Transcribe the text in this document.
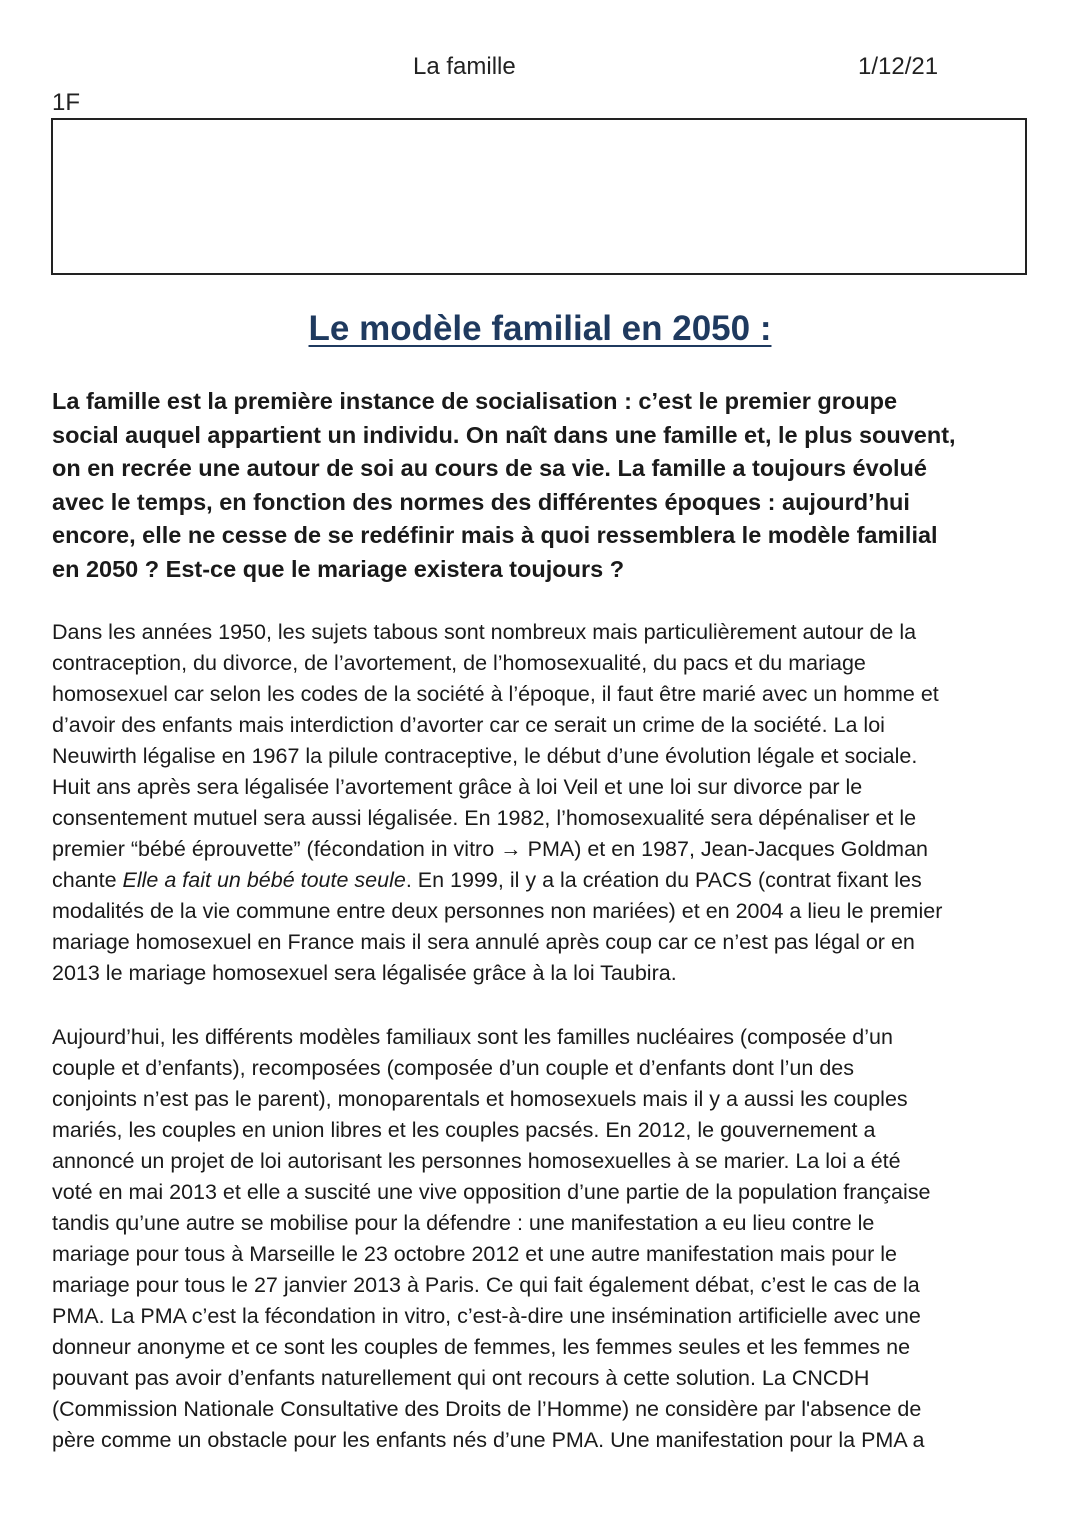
La famille	1/12/21
1F
Le modèle familial en 2050 :
La famille est la première instance de socialisation : c’est le premier groupe
social auquel appartient un individu. On naît dans une famille et, le plus souvent,
on en recrée une autour de soi au cours de sa vie. La famille a toujours évolué
avec le temps, en fonction des normes des différentes époques : aujourd’hui
encore, elle ne cesse de se redéfinir mais à quoi ressemblera le modèle familial
en 2050 ? Est-ce que le mariage existera toujours ?
Dans les années 1950, les sujets tabous sont nombreux mais particulièrement autour de la
contraception, du divorce, de l’avortement, de l’homosexualité, du pacs et du mariage
homosexuel car selon les codes de la société à l’époque, il faut être marié avec un homme et
d’avoir des enfants mais interdiction d’avorter car ce serait un crime de la société. La loi
Neuwirth légalise en 1967 la pilule contraceptive, le début d’une évolution légale et sociale.
Huit ans après sera légalisée l’avortement grâce à loi Veil et une loi sur divorce par le
consentement mutuel sera aussi légalisée. En 1982, l’homosexualité sera dépénaliser et le
premier “bébé éprouvette” (fécondation in vitro → PMA) et en 1987, Jean-Jacques Goldman
chante Elle a fait un bébé toute seule. En 1999, il y a la création du PACS (contrat fixant les
modalités de la vie commune entre deux personnes non mariées) et en 2004 a lieu le premier
mariage homosexuel en France mais il sera annulé après coup car ce n’est pas légal or en
2013 le mariage homosexuel sera légalisée grâce à la loi Taubira.
Aujourd’hui, les différents modèles familiaux sont les familles nucléaires (composée d’un
couple et d’enfants), recomposées (composée d’un couple et d’enfants dont l’un des
conjoints n’est pas le parent), monoparentals et homosexuels mais il y a aussi les couples
mariés, les couples en union libres et les couples pacsés. En 2012, le gouvernement a
annoncé un projet de loi autorisant les personnes homosexuelles à se marier. La loi a été
voté en mai 2013 et elle a suscité une vive opposition d’une partie de la population française
tandis qu’une autre se mobilise pour la défendre : une manifestation a eu lieu contre le
mariage pour tous à Marseille le 23 octobre 2012 et une autre manifestation mais pour le
mariage pour tous le 27 janvier 2013 à Paris. Ce qui fait également débat, c’est le cas de la
PMA. La PMA c’est la fécondation in vitro, c’est-à-dire une insémination artificielle avec une
donneur anonyme et ce sont les couples de femmes, les femmes seules et les femmes ne
pouvant pas avoir d’enfants naturellement qui ont recours à cette solution. La CNCDH
(Commission Nationale Consultative des Droits de l’Homme) ne considère par l'absence de
père comme un obstacle pour les enfants nés d’une PMA. Une manifestation pour la PMA a
